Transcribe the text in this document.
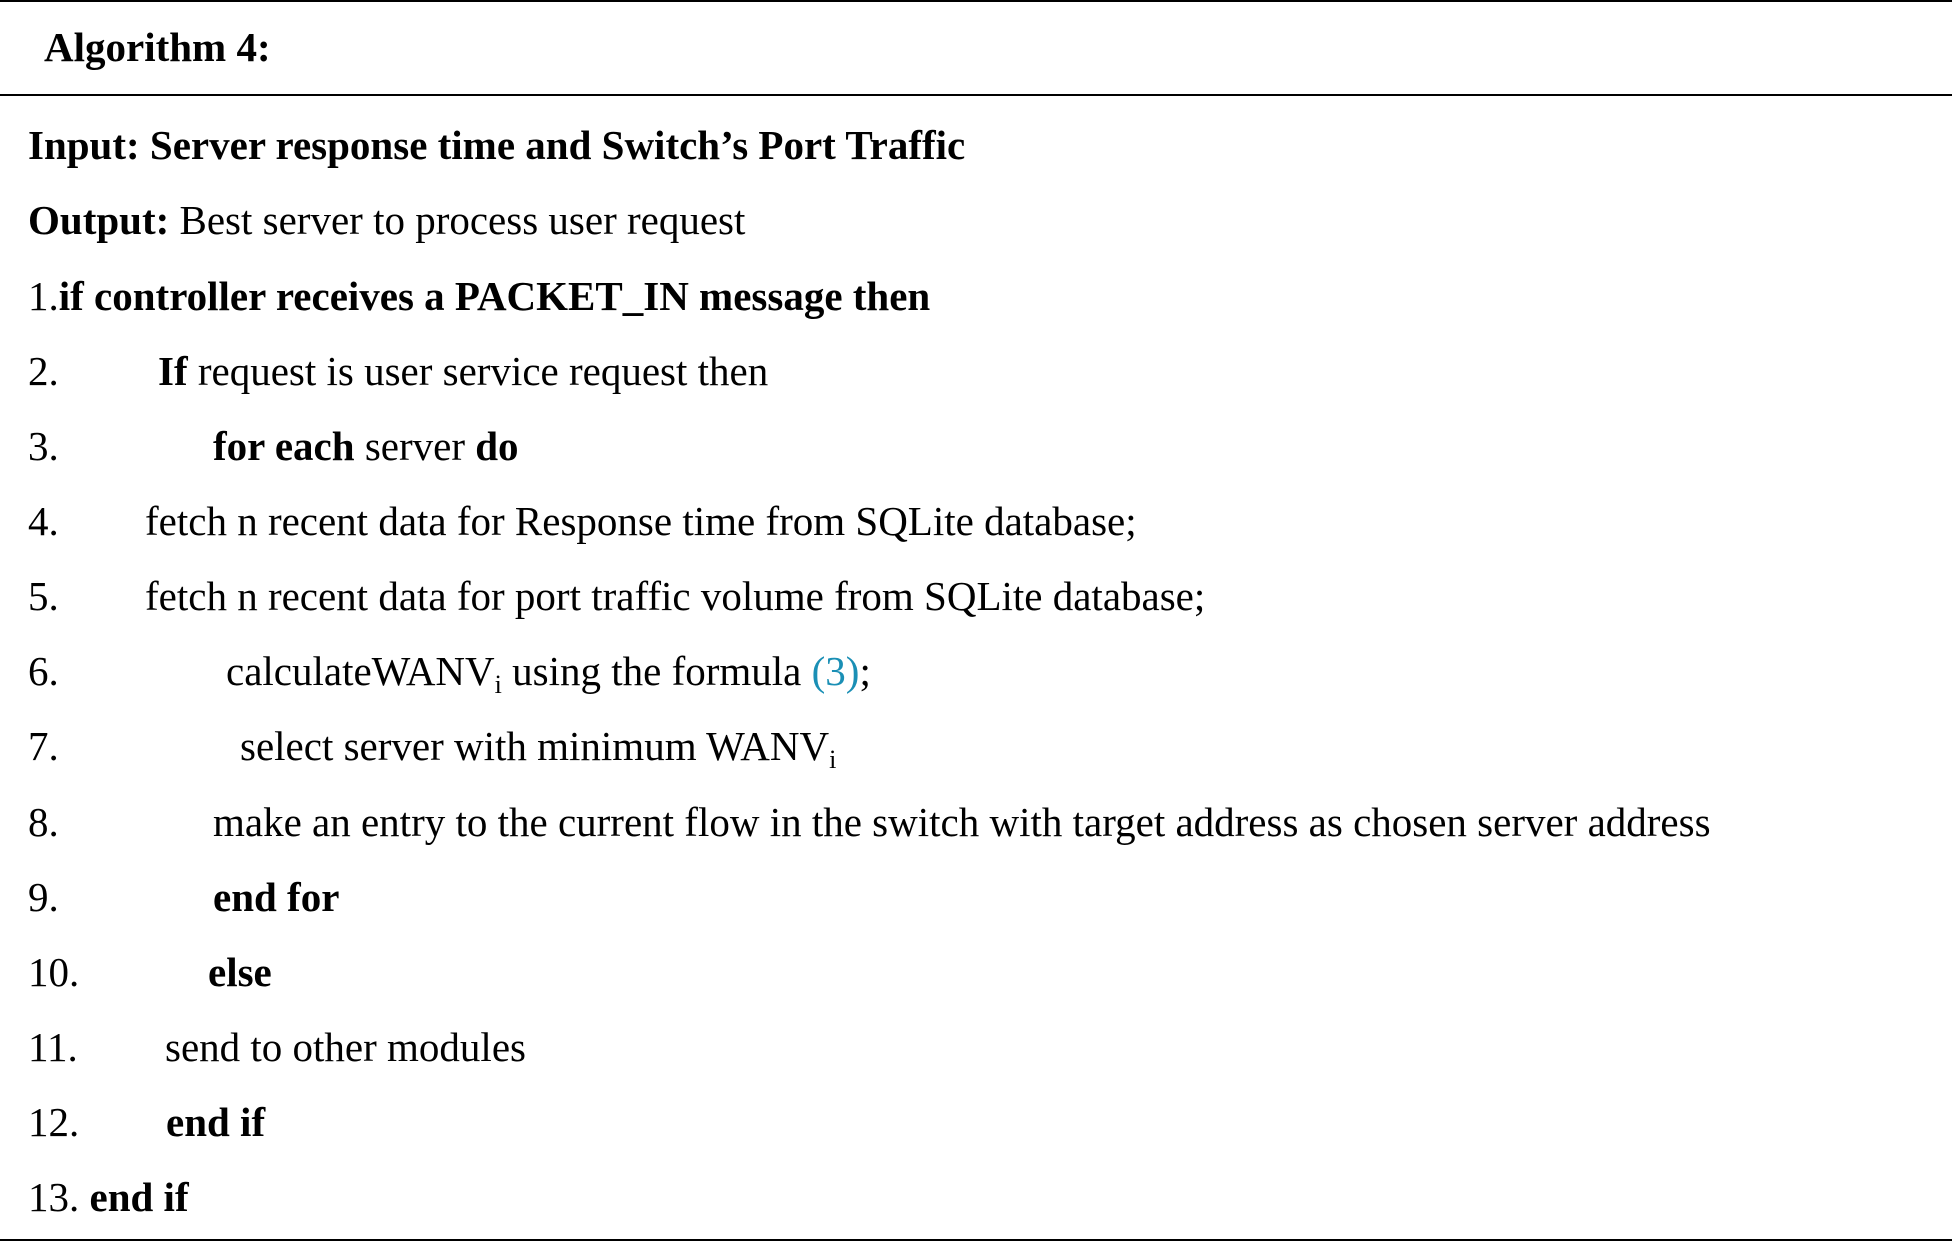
Algorithm 4:
Input: Server response time and Switch’s Port Traffic
Output: Best server to process user request
1.if controller receives a PACKET_IN message then
2. If request is user service request then
3.	for each server do
4. fetch n recent data for Response time from SQLite database;
5. fetch n recent data for port traffic volume from SQLite database;
6.	calculateWANV$_i$ using the formula (3);
7.	select server with minimum $WANV_i$
8.	make an entry to the current flow in the switch with target address as chosen server address
9.	end for
10.	else
11. send to other modules
12. end if
13. end if
